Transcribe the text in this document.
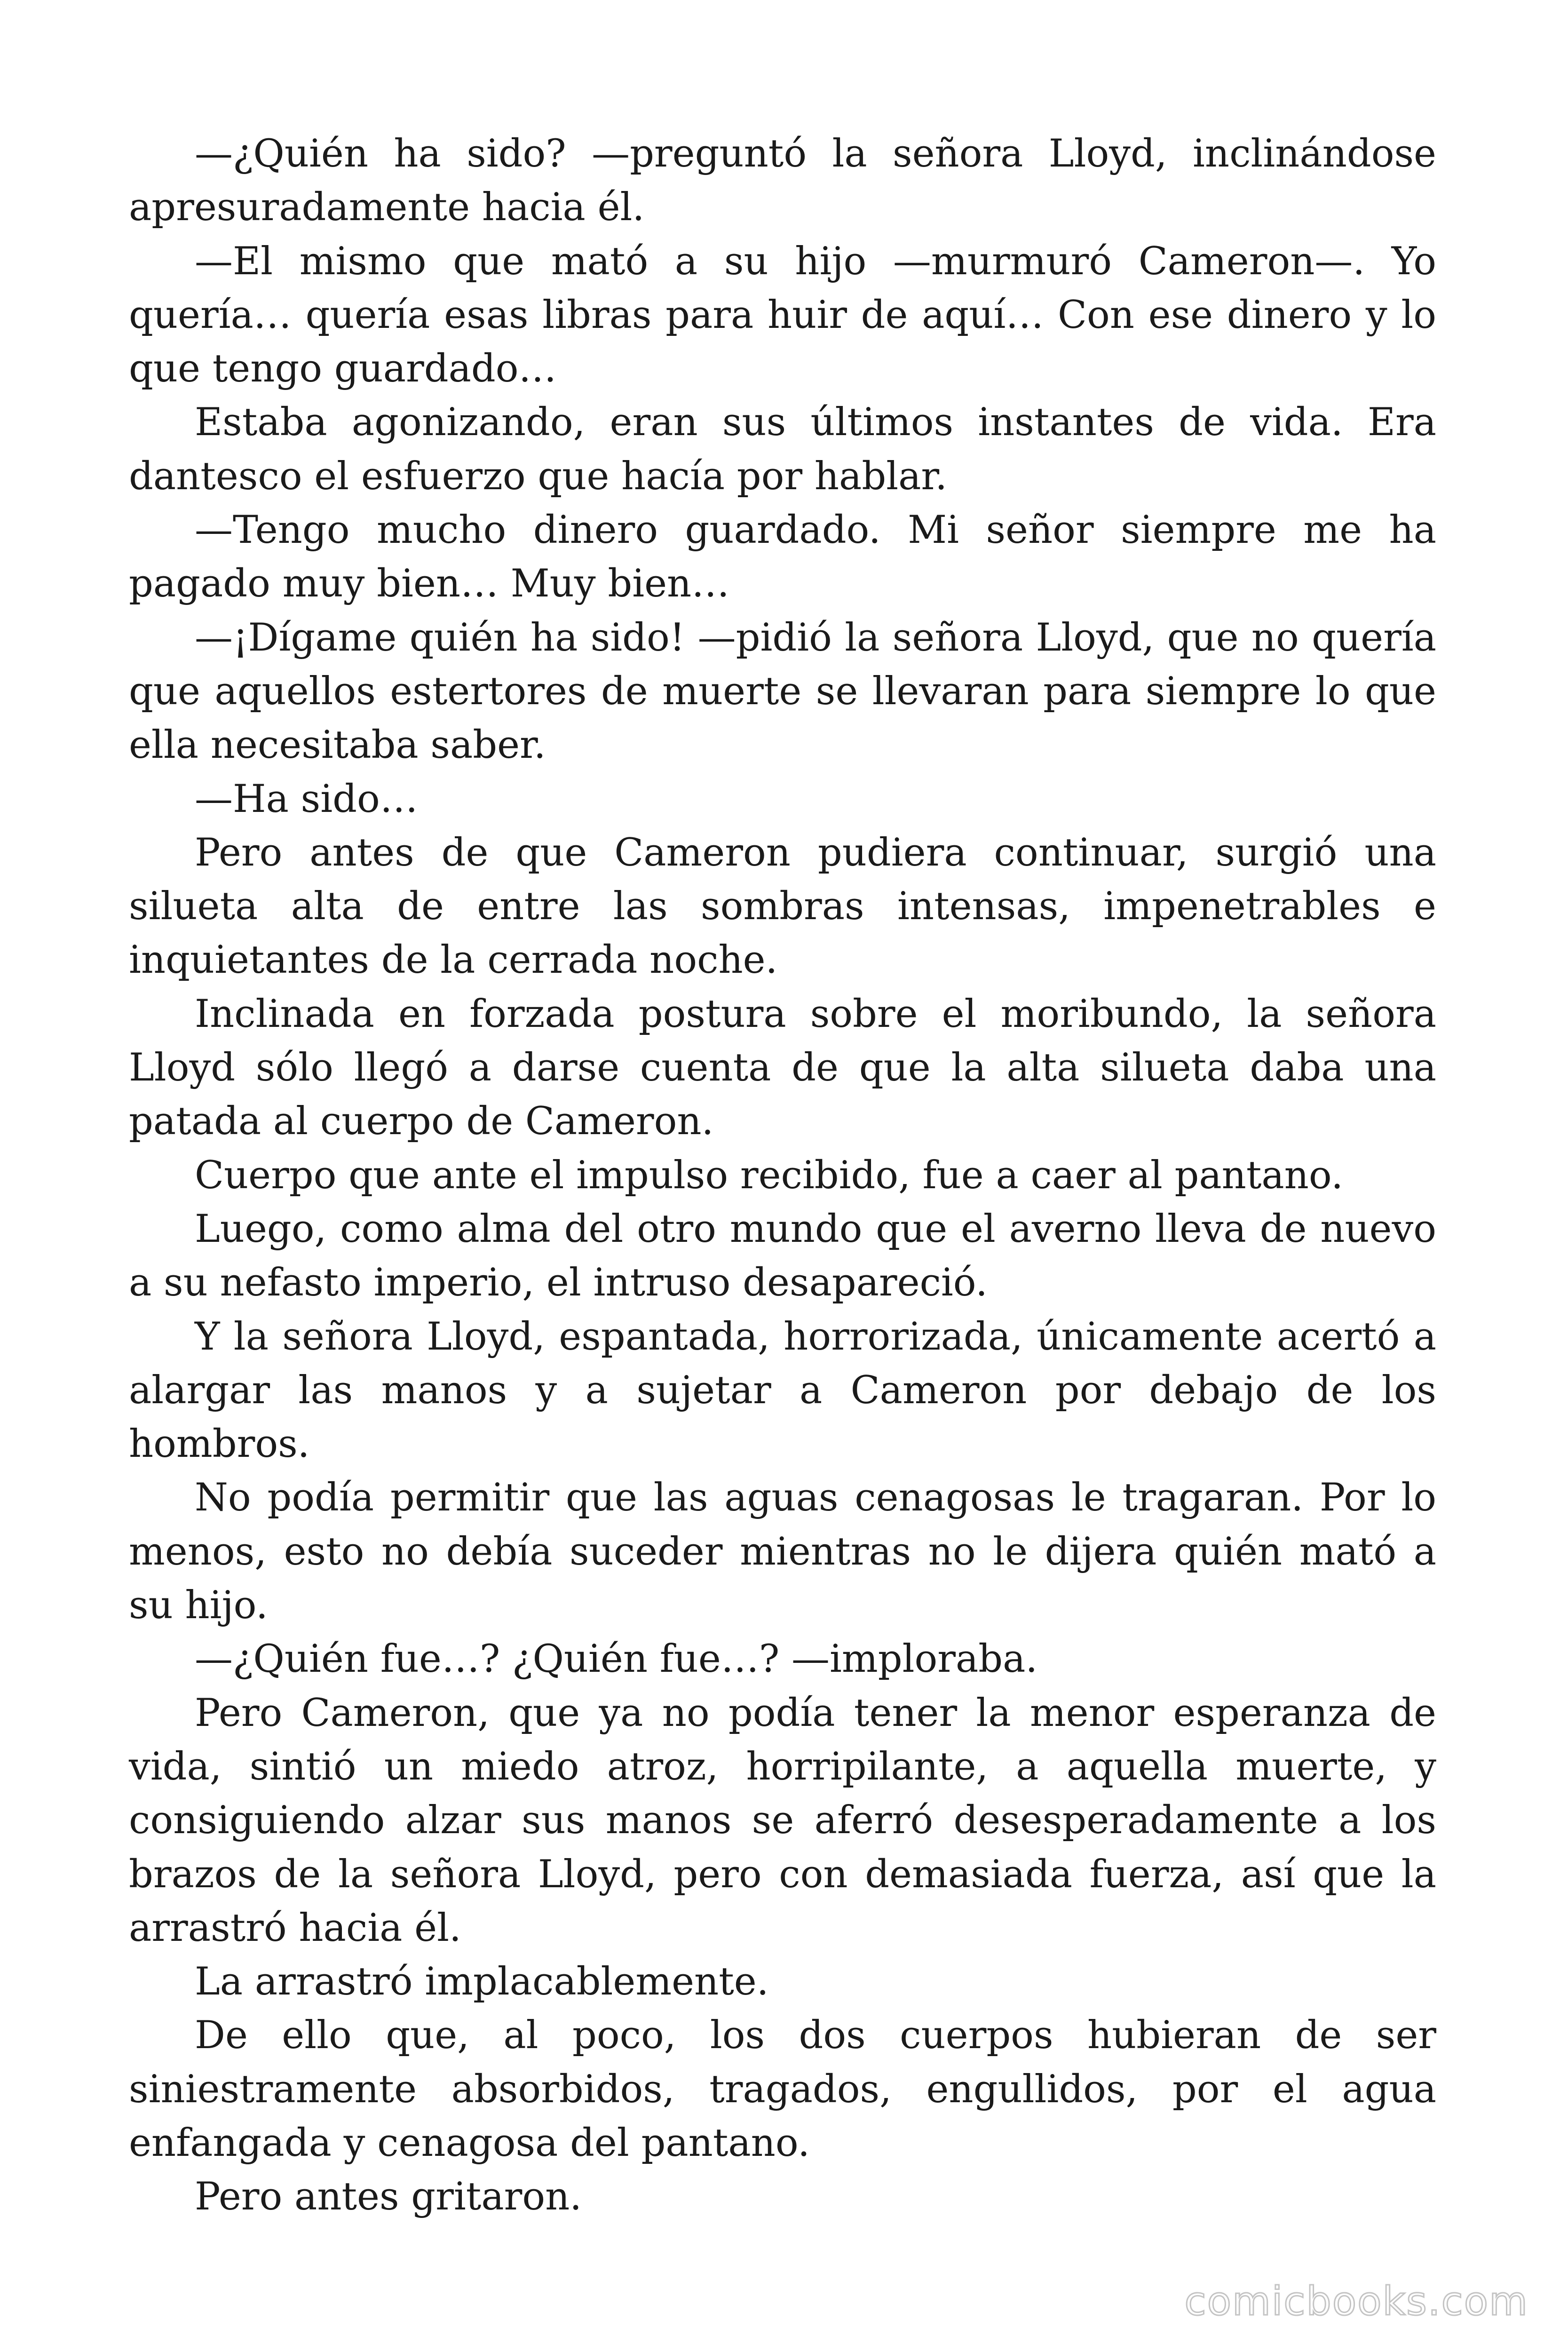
—¿Quién ha sido? —preguntó la señora Lloyd, inclinándose apresuradamente hacia él.

—El mismo que mató a su hijo —murmuró Cameron—. Yo quería… quería esas libras para huir de aquí… Con ese dinero y lo que tengo guardado…

Estaba agonizando, eran sus últimos instantes de vida. Era dantesco el esfuerzo que hacía por hablar.

—Tengo mucho dinero guardado. Mi señor siempre me ha pagado muy bien… Muy bien…

—¡Dígame quién ha sido! —pidió la señora Lloyd, que no quería que aquellos estertores de muerte se llevaran para siempre lo que ella necesitaba saber.

—Ha sido…

Pero antes de que Cameron pudiera continuar, surgió una silueta alta de entre las sombras intensas, impenetrables e inquietantes de la cerrada noche.

Inclinada en forzada postura sobre el moribundo, la señora Lloyd sólo llegó a darse cuenta de que la alta silueta daba una patada al cuerpo de Cameron.

Cuerpo que ante el impulso recibido, fue a caer al pantano.

Luego, como alma del otro mundo que el averno lleva de nuevo a su nefasto imperio, el intruso desapareció.

Y la señora Lloyd, espantada, horrorizada, únicamente acertó a alargar las manos y a sujetar a Cameron por debajo de los hombros.

No podía permitir que las aguas cenagosas le tragaran. Por lo menos, esto no debía suceder mientras no le dijera quién mató a su hijo.

—¿Quién fue…? ¿Quién fue…? —imploraba.

Pero Cameron, que ya no podía tener la menor esperanza de vida, sintió un miedo atroz, horripilante, a aquella muerte, y consiguiendo alzar sus manos se aferró desesperadamente a los brazos de la señora Lloyd, pero con demasiada fuerza, así que la arrastró hacia él.

La arrastró implacablemente.

De ello que, al poco, los dos cuerpos hubieran de ser siniestramente absorbidos, tragados, engullidos, por el agua enfangada y cenagosa del pantano.

Pero antes gritaron.

comicbooks.com
